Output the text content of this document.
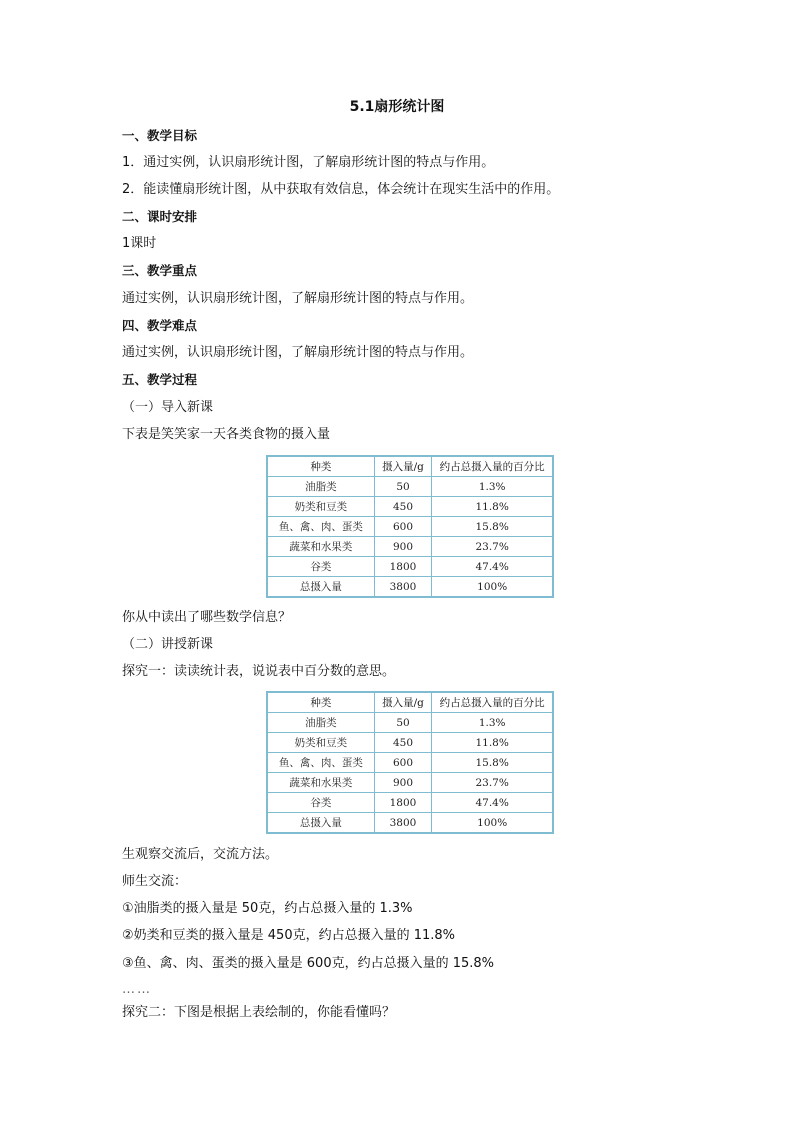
5.1扇形统计图
一、教学目标
1．通过实例，认识扇形统计图，了解扇形统计图的特点与作用。
2．能读懂扇形统计图，从中获取有效信息，体会统计在现实生活中的作用。
二、课时安排
1课时
三、教学重点
通过实例，认识扇形统计图，了解扇形统计图的特点与作用。
四、教学难点
通过实例，认识扇形统计图，了解扇形统计图的特点与作用。
五、教学过程
（一）导入新课
下表是笑笑家一天各类食物的摄入量
种类	摄入量/g	约占总摄入量的百分比
油脂类	50	1.3%
奶类和豆类	450	11.8%
鱼、禽、肉、蛋类	600	15.8%
蔬菜和水果类	900	23.7%
谷类	1800	47.4%
总摄入量	3800	100%
你从中读出了哪些数学信息？
（二）讲授新课
探究一：读读统计表，说说表中百分数的意思。
种类	摄入量/g	约占总摄入量的百分比
油脂类	50	1.3%
奶类和豆类	450	11.8%
鱼、禽、肉、蛋类	600	15.8%
蔬菜和水果类	900	23.7%
谷类	1800	47.4%
总摄入量	3800	100%
生观察交流后，交流方法。
师生交流：
①油脂类的摄入量是 50克，约占总摄入量的 1.3%
②奶类和豆类的摄入量是 450克，约占总摄入量的 11.8%
③鱼、禽、肉、蛋类的摄入量是 600克，约占总摄入量的 15.8%
……
探究二：下图是根据上表绘制的，你能看懂吗？
